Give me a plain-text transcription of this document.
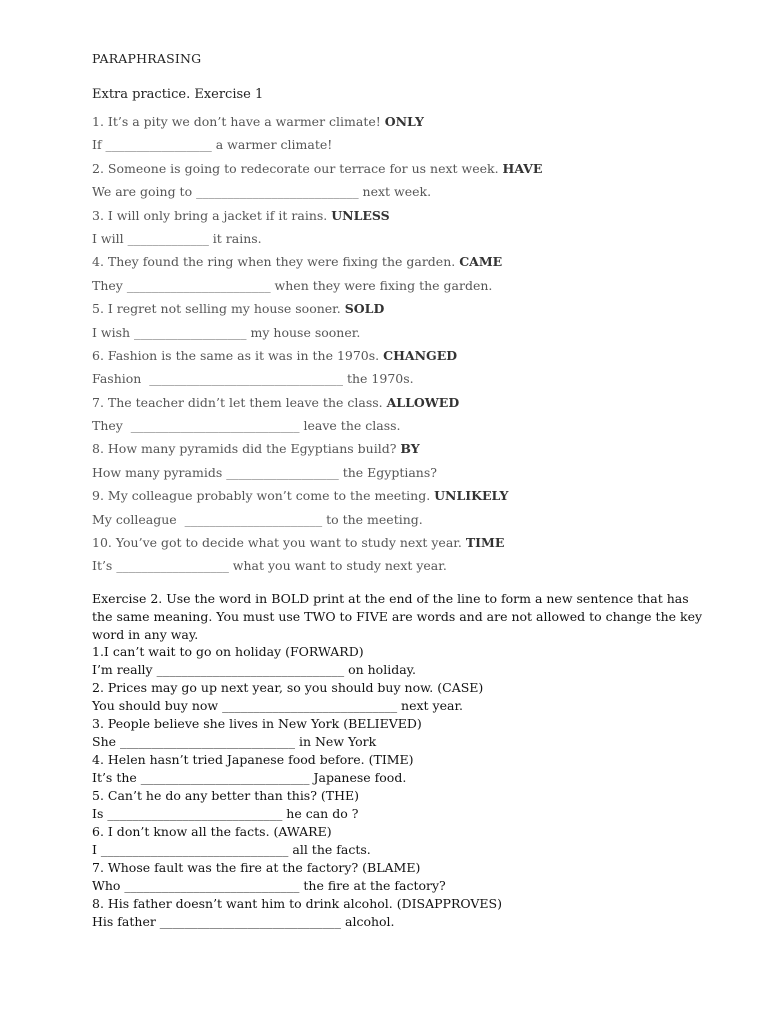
PARAPHRASING
Extra practice. Exercise 1
1. It’s a pity we don’t have a warmer climate! ONLY
If _________________ a warmer climate!
2. Someone is going to redecorate our terrace for us next week. HAVE
We are going to __________________________ next week.
3. I will only bring a jacket if it rains. UNLESS
I will _____________ it rains.
4. They found the ring when they were fixing the garden. CAME
They _______________________ when they were fixing the garden.
5. I regret not selling my house sooner. SOLD
I wish __________________ my house sooner.
6. Fashion is the same as it was in the 1970s. CHANGED
Fashion  _______________________________ the 1970s.
7. The teacher didn’t let them leave the class. ALLOWED
They  ___________________________ leave the class.
8. How many pyramids did the Egyptians build? BY
How many pyramids __________________ the Egyptians?
9. My colleague probably won’t come to the meeting. UNLIKELY
My colleague  ______________________ to the meeting.
10. You’ve got to decide what you want to study next year. TIME
It’s __________________ what you want to study next year.
Exercise 2. Use the word in BOLD print at the end of the line to form a new sentence that has the same meaning. You must use TWO to FIVE are words and are not allowed to change the key word in any way.
1.I can’t wait to go on holiday (FORWARD)
I’m really ______________________________ on holiday.
2. Prices may go up next year, so you should buy now. (CASE)
You should buy now ____________________________ next year.
3. People believe she lives in New York (BELIEVED)
She ____________________________ in New York
4. Helen hasn’t tried Japanese food before. (TIME)
It’s the ___________________________ Japanese food.
5. Can’t he do any better than this? (THE)
Is ____________________________ he can do ?
6. I don’t know all the facts. (AWARE)
I ______________________________ all the facts.
7. Whose fault was the fire at the factory? (BLAME)
Who ____________________________ the fire at the factory?
8. His father doesn’t want him to drink alcohol. (DISAPPROVES)
His father _____________________________ alcohol.
